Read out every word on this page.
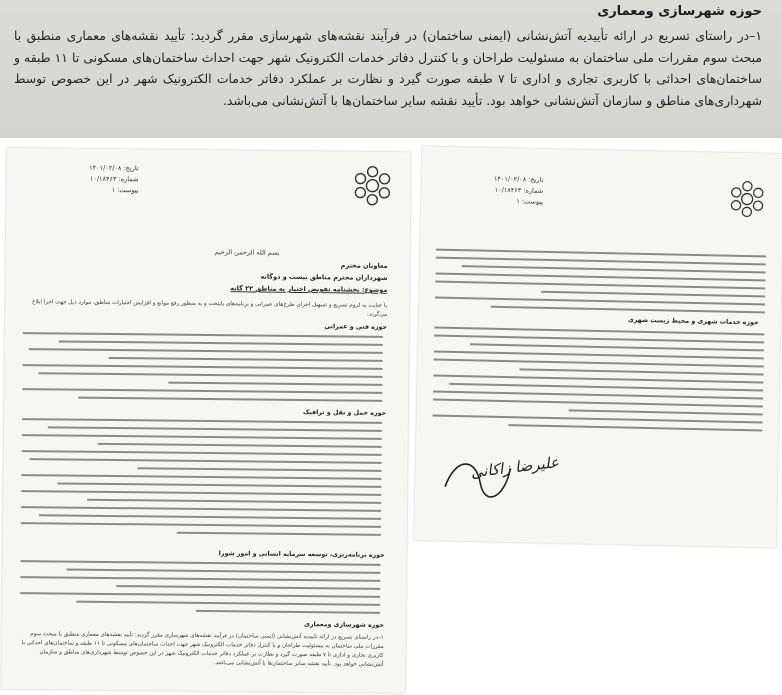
حوزه شهرسازی ومعماری
۱–در راستای تسریع در ارائه تأییدیه آتش‌نشانی (ایمنی ساختمان) در فرآیند نقشه‌های شهرسازی مقرر گردید: تأیید نقشه‌های معماری منطبق با مبحث سوم مقررات ملی ساختمان به مسئولیت طراحان و با کنترل دفاتر خدمات الکترونیک شهر جهت احداث ساختمان‌های مسکونی تا ۱۱ طبقه و ساختمان‌های احداثی با کاربری تجاری و اداری تا ۷ طبقه صورت گیرد و نظارت بر عملکرد دفاتر خدمات الکترونیک شهر در این خصوص توسط شهرداری‌های مناطق و سازمان آتش‌نشانی خواهد بود. تأیید نقشه سایر ساختمان‌ها با آتش‌نشانی می‌باشد.
تاریخ: ۱۴۰۱/۰۲/۰۸
شماره: ۱۰/۱۸۴۶۳
پیوست: ۱
بسم الله الرحمن الرحیم
معاونان محترم
شهرداران محترم مناطق بیست و دوگانه
موضوع: بخشنامه تفویض اختیار به مناطق ۲۲ گانه
با عنایت به لزوم تسریع و تسهیل اجرای طرح‌های عمرانی و برنامه‌های پایتخت و به منظور رفع موانع و افزایش اختیارات مناطق، موارد ذیل جهت اجرا ابلاغ می‌گردد:
حوزه فنی و عمرانی
حوزه حمل و نقل و ترافیک
حوزه برنامه‌ریزی، توسعه سرمایه انسانی و امور شورا
حوزه شهرسازی ومعماری
۱–در راستای تسریع در ارائه تأییدیه آتش‌نشانی (ایمنی ساختمان) در فرآیند نقشه‌های شهرسازی مقرر گردید: تأیید نقشه‌های معماری منطبق با مبحث سوم مقررات ملی ساختمان به مسئولیت طراحان و با کنترل دفاتر خدمات الکترونیک شهر جهت احداث ساختمان‌های مسکونی تا ۱۱ طبقه و ساختمان‌های احداثی با کاربری تجاری و اداری تا ۷ طبقه صورت گیرد و نظارت بر عملکرد دفاتر خدمات الکترونیک شهر در این خصوص توسط شهرداری‌های مناطق و سازمان آتش‌نشانی خواهد بود. تأیید نقشه سایر ساختمان‌ها با آتش‌نشانی می‌باشد.
تاریخ: ۱۴۰۱/۰۲/۰۸
شماره: ۱۰/۱۸۴۶۳
پیوست: ۱
حوزه خدمات شهری و محیط زیست شهری
علیرضا زاکانی
